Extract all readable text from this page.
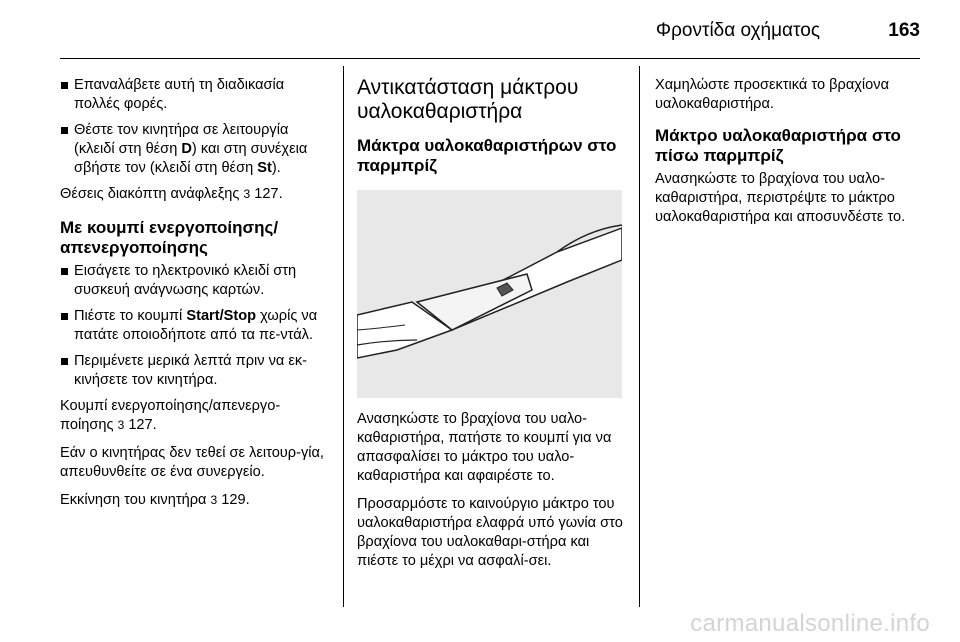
Φροντίδα οχήματος	163
Επαναλάβετε αυτή τη διαδικασία πολλές φορές.
Θέστε τον κινητήρα σε λειτουργία (κλειδί στη θέση D) και στη συνέχεια σβήστε τον (κλειδί στη θέση St).

Θέσεις διακόπτη ανάφλεξης 3 127.

Με κουμπί ενεργοποίησης/απενεργοποίησης
Εισάγετε το ηλεκτρονικό κλειδί στη συσκευή ανάγνωσης καρτών.
Πιέστε το κουμπί Start/Stop χωρίς να πατάτε οποιοδήποτε από τα πε-ντάλ.
Περιμένετε μερικά λεπτά πριν να εκ-κινήσετε τον κινητήρα.

Κουμπί ενεργοποίησης/απενεργο-ποίησης 3 127.

Εάν ο κινητήρας δεν τεθεί σε λειτουρ-γία, απευθυνθείτε σε ένα συνεργείο.

Εκκίνηση του κινητήρα 3 129.

Αντικατάσταση μάκτρου υαλοκαθαριστήρα
Μάκτρα υαλοκαθαριστήρων στο παρμπρίζ

Ανασηκώστε το βραχίονα του υαλο-καθαριστήρα, πατήστε το κουμπί για να απασφαλίσει το μάκτρο του υαλο-καθαριστήρα και αφαιρέστε το.

Προσαρμόστε το καινούργιο μάκτρο του υαλοκαθαριστήρα ελαφρά υπό γωνία στο βραχίονα του υαλοκαθαρι-στήρα και πιέστε το μέχρι να ασφαλί-σει.

Χαμηλώστε προσεκτικά το βραχίονα υαλοκαθαριστήρα.

Μάκτρο υαλοκαθαριστήρα στο πίσω παρμπρίζ

Ανασηκώστε το βραχίονα του υαλο-καθαριστήρα, περιστρέψτε το μάκτρο υαλοκαθαριστήρα και αποσυνδέστε το.

carmanualsonline.info
